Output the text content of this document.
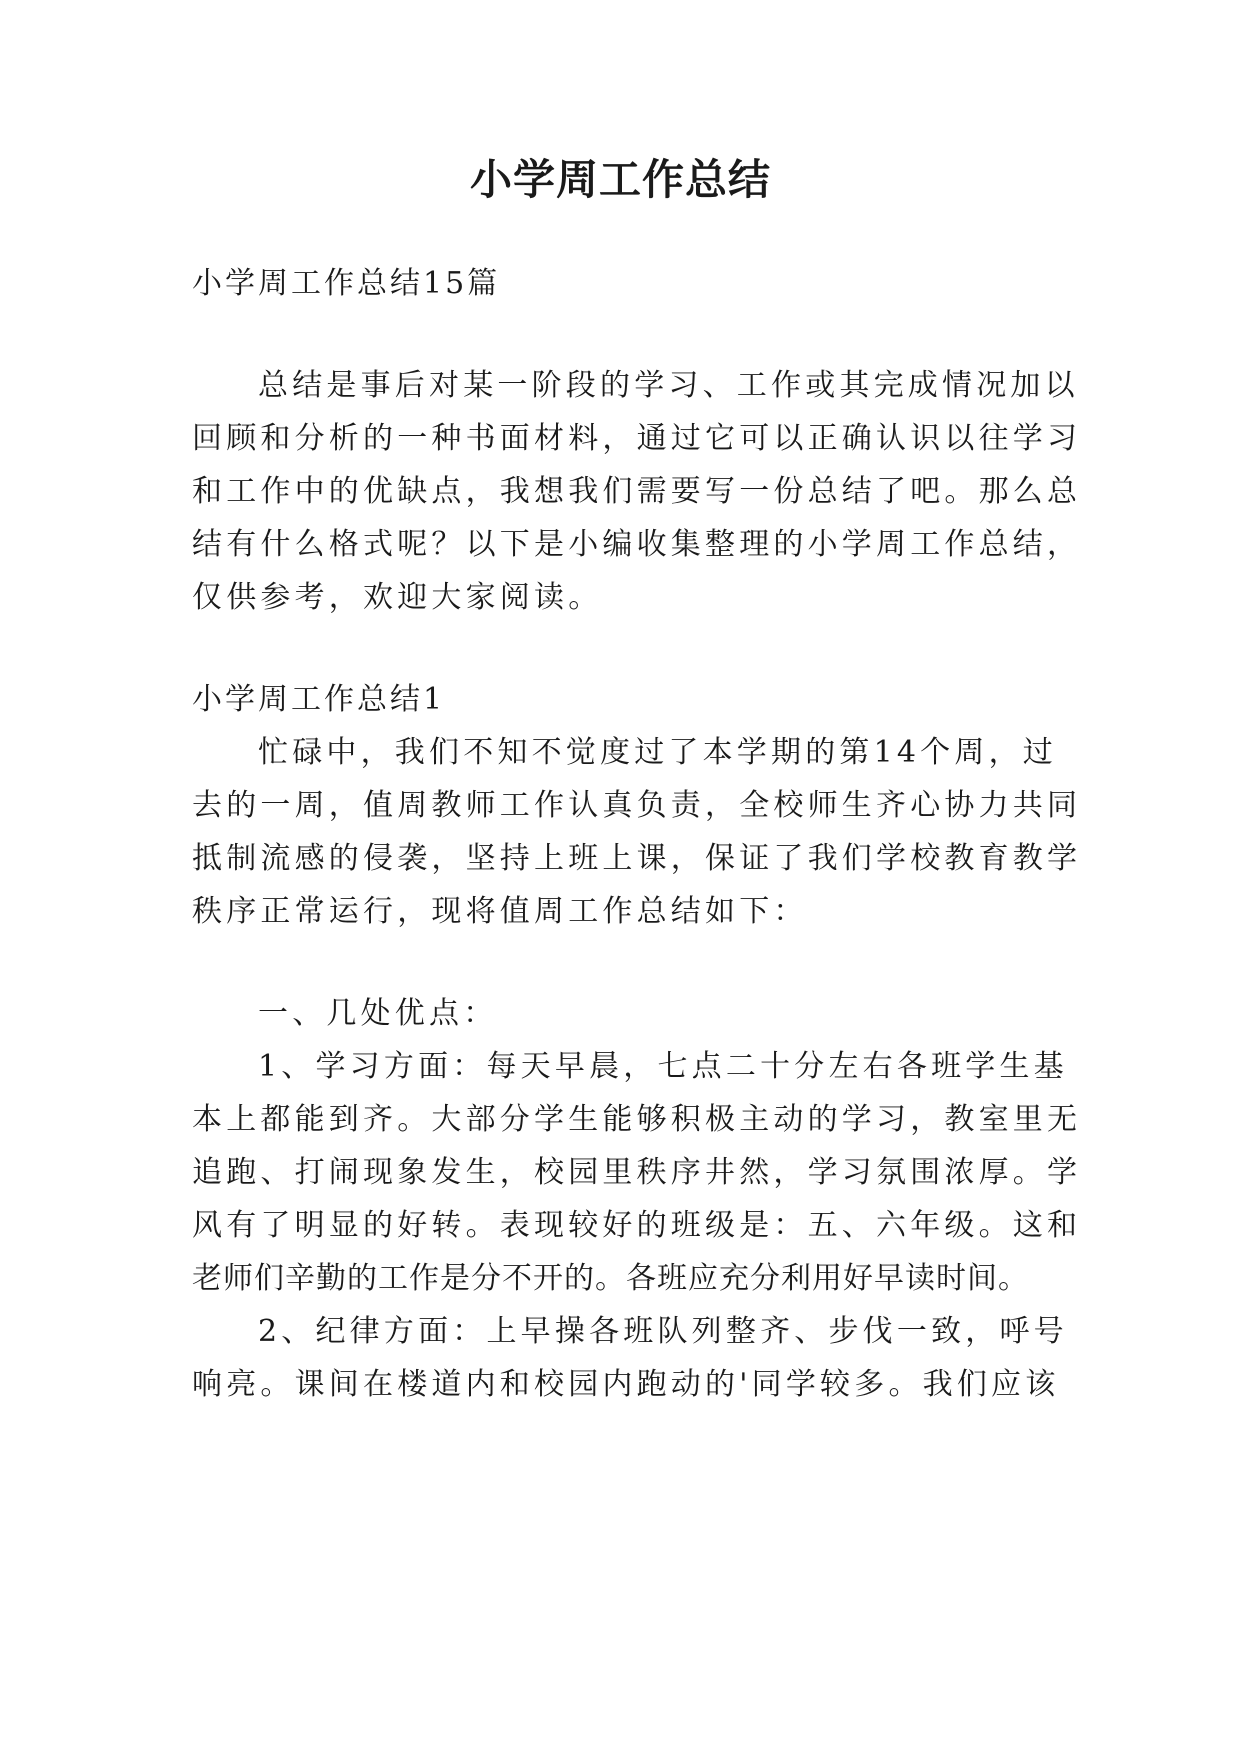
小学周工作总结

小学周工作总结15篇

总结是事后对某一阶段的学习、工作或其完成情况加以

回顾和分析的一种书面材料，通过它可以正确认识以往学习

和工作中的优缺点，我想我们需要写一份总结了吧。那么总

结有什么格式呢？以下是小编收集整理的小学周工作总结，

仅供参考，欢迎大家阅读。

小学周工作总结1

忙碌中，我们不知不觉度过了本学期的第14个周，过

去的一周，值周教师工作认真负责，全校师生齐心协力共同

抵制流感的侵袭，坚持上班上课，保证了我们学校教育教学

秩序正常运行，现将值周工作总结如下：

一、几处优点：

1、学习方面：每天早晨，七点二十分左右各班学生基

本上都能到齐。大部分学生能够积极主动的学习，教室里无

追跑、打闹现象发生，校园里秩序井然，学习氛围浓厚。学

风有了明显的好转。表现较好的班级是：五、六年级。这和

老师们辛勤的工作是分不开的。各班应充分利用好早读时间。

2、纪律方面：上早操各班队列整齐、步伐一致，呼号

响亮。课间在楼道内和校园内跑动的'同学较多。我们应该
